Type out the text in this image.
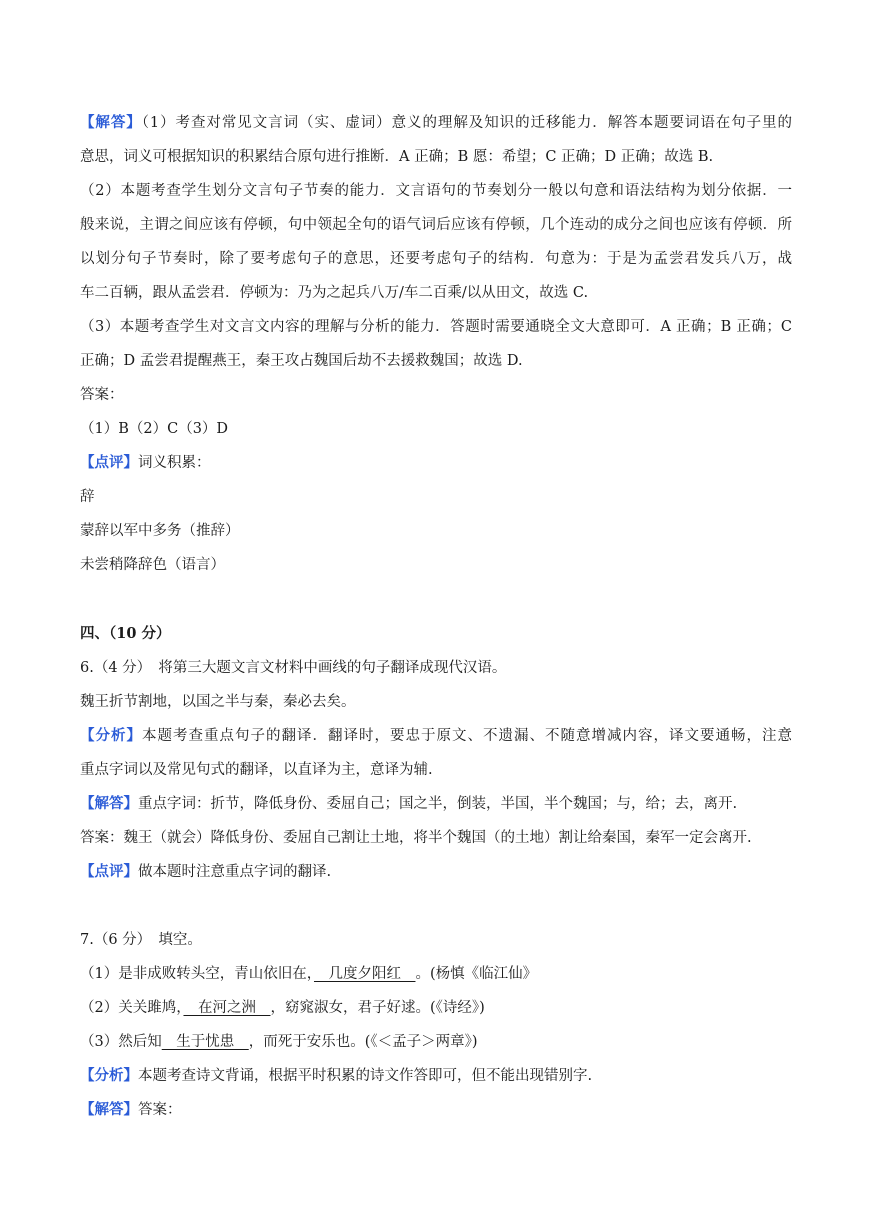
【解答】（1）考查对常见文言词（实、虚词）意义的理解及知识的迁移能力．解答本题要词语在句子里的
意思，词义可根据知识的积累结合原句进行推断．A 正确；B 愿：希望；C 正确；D 正确；故选 B.
（2）本题考查学生划分文言句子节奏的能力．文言语句的节奏划分一般以句意和语法结构为划分依据．一
般来说，主谓之间应该有停顿，句中领起全句的语气词后应该有停顿，几个连动的成分之间也应该有停顿．所
以划分句子节奏时，除了要考虑句子的意思，还要考虑句子的结构．句意为：于是为孟尝君发兵八万，战
车二百辆，跟从孟尝君．停顿为：乃为之起兵八万/车二百乘/以从田文，故选 C.
（3）本题考查学生对文言文内容的理解与分析的能力．答题时需要通晓全文大意即可．A 正确；B 正确；C
正确；D 孟尝君提醒燕王，秦王攻占魏国后劫不去援救魏国；故选 D.
答案：
（1）B（2）C（3）D
【点评】词义积累：
辞
蒙辞以军中多务（推辞）
未尝稍降辞色（语言）
四、（10 分）
6.（4 分）　将第三大题文言文材料中画线的句子翻译成现代汉语。
魏王折节割地，以国之半与秦，秦必去矣。
【分析】本题考查重点句子的翻译．翻译时，要忠于原文、不遗漏、不随意增减内容，译文要通畅，注意
重点字词以及常见句式的翻译，以直译为主，意译为辅.
【解答】重点字词：折节，降低身份、委屈自己；国之半，倒装，半国，半个魏国；与，给；去，离开.
答案：魏王（就会）降低身份、委屈自己割让土地，将半个魏国（的土地）割让给秦国，秦军一定会离开.
【点评】做本题时注意重点字词的翻译.
7.（6 分）　填空。
（1）是非成败转头空，青山依旧在，　几度夕阳红　。(杨慎《临江仙》
（2）关关雎鸠，　在河之洲　，窈窕淑女，君子好逑。(《诗经》)
（3）然后知　生于忧患　，而死于安乐也。(《＜孟子＞两章》)
【分析】本题考查诗文背诵，根据平时积累的诗文作答即可，但不能出现错别字.
【解答】答案：
